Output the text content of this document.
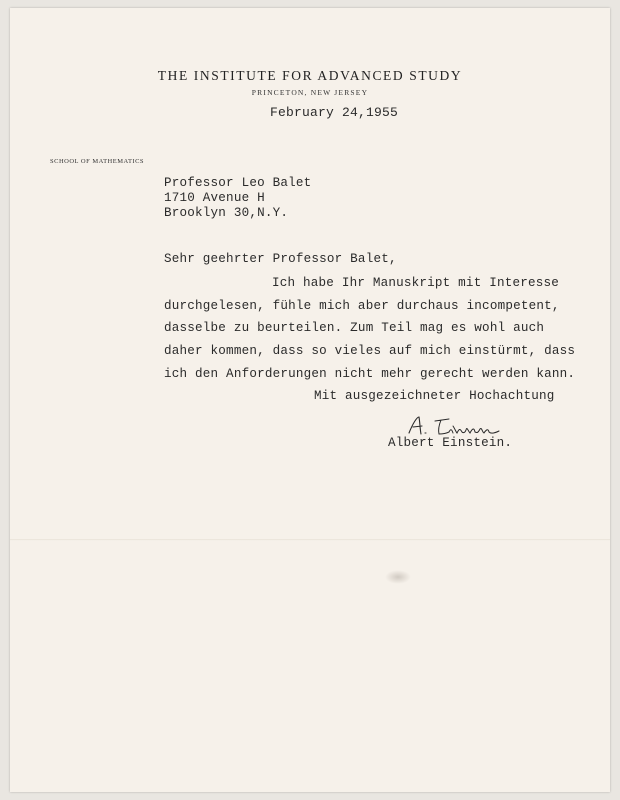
THE INSTITUTE FOR ADVANCED STUDY
PRINCETON, NEW JERSEY
February 24,1955
SCHOOL OF MATHEMATICS
Professor Leo Balet
1710 Avenue H
Brooklyn 30,N.Y.
Sehr geehrter Professor Balet,
Ich habe Ihr Manuskript mit Interesse
durchgelesen, fühle mich aber durchaus incompetent,
dasselbe zu beurteilen. Zum Teil mag es wohl auch
daher kommen, dass so vieles auf mich einstürmt, dass
ich den Anforderungen nicht mehr gerecht werden kann.
Mit ausgezeichneter Hochachtung
Albert Einstein.
